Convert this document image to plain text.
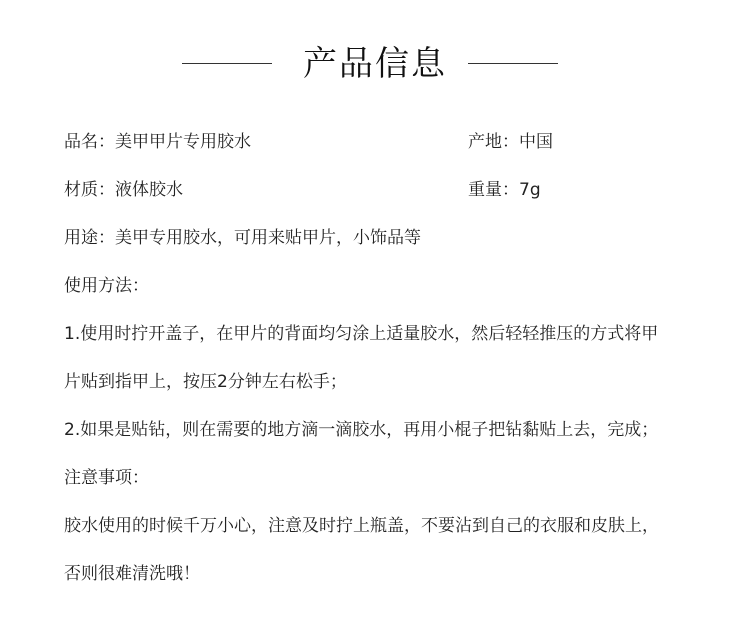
产品信息
品名：美甲甲片专用胶水	产地：中国
材质：液体胶水	重量：7g
用途：美甲专用胶水，可用来贴甲片，小饰品等
使用方法：
1.使用时拧开盖子，在甲片的背面均匀涂上适量胶水，然后轻轻推压的方式将甲
片贴到指甲上，按压2分钟左右松手；
2.如果是贴钻，则在需要的地方滴一滴胶水，再用小棍子把钻黏贴上去，完成；
注意事项：
胶水使用的时候千万小心，注意及时拧上瓶盖，不要沾到自己的衣服和皮肤上，
否则很难清洗哦！
